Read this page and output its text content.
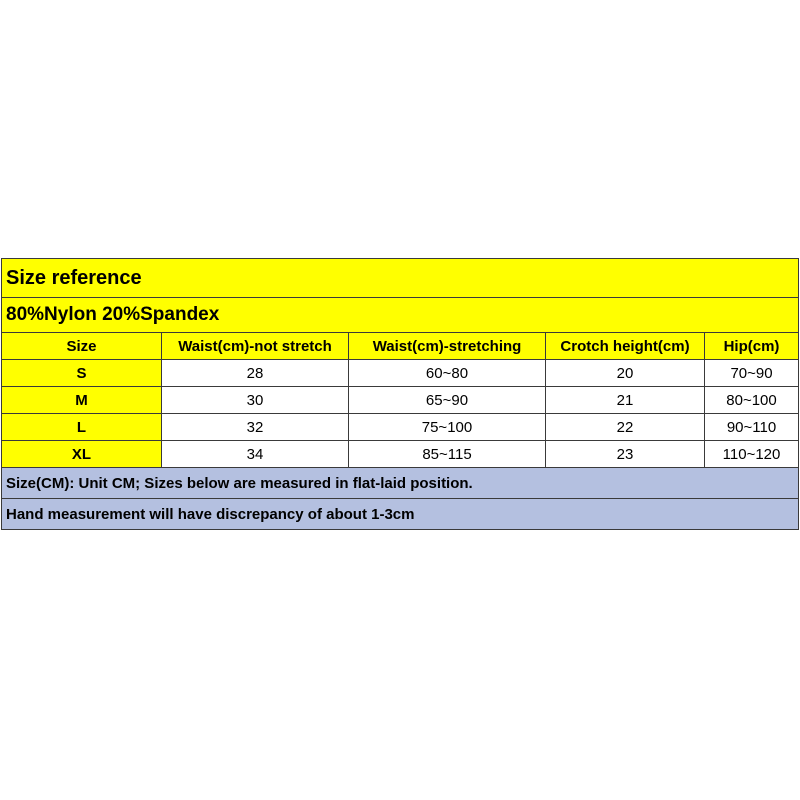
Size reference				
80%Nylon 20%Spandex				
Size	Waist(cm)-not stretch	Waist(cm)-stretching	Crotch height(cm)	Hip(cm)
S	28	60~80	20	70~90
M	30	65~90	21	80~100
L	32	75~100	22	90~110
XL	34	85~115	23	110~120
Size(CM): Unit CM; Sizes below are measured in flat-laid position.				
Hand measurement will have discrepancy of about 1-3cm				
